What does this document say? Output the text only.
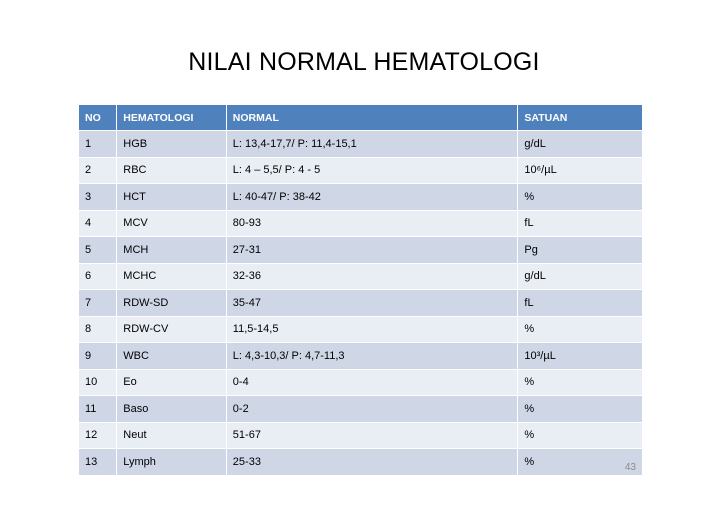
NILAI NORMAL HEMATOLOGI
NO	HEMATOLOGI	NORMAL	SATUAN
1	HGB	L: 13,4-17,7/ P: 11,4-15,1	g/dL
2	RBC	L: 4 – 5,5/ P: 4 - 5	10⁶/µL
3	HCT	L: 40-47/ P: 38-42	%
4	MCV	80-93	fL
5	MCH	27-31	Pg
6	MCHC	32-36	g/dL
7	RDW-SD	35-47	fL
8	RDW-CV	11,5-14,5	%
9	WBC	L: 4,3-10,3/ P: 4,7-11,3	10³/µL
10	Eo	0-4	%
11	Baso	0-2	%
12	Neut	51-67	%
13	Lymph	25-33	%	43
